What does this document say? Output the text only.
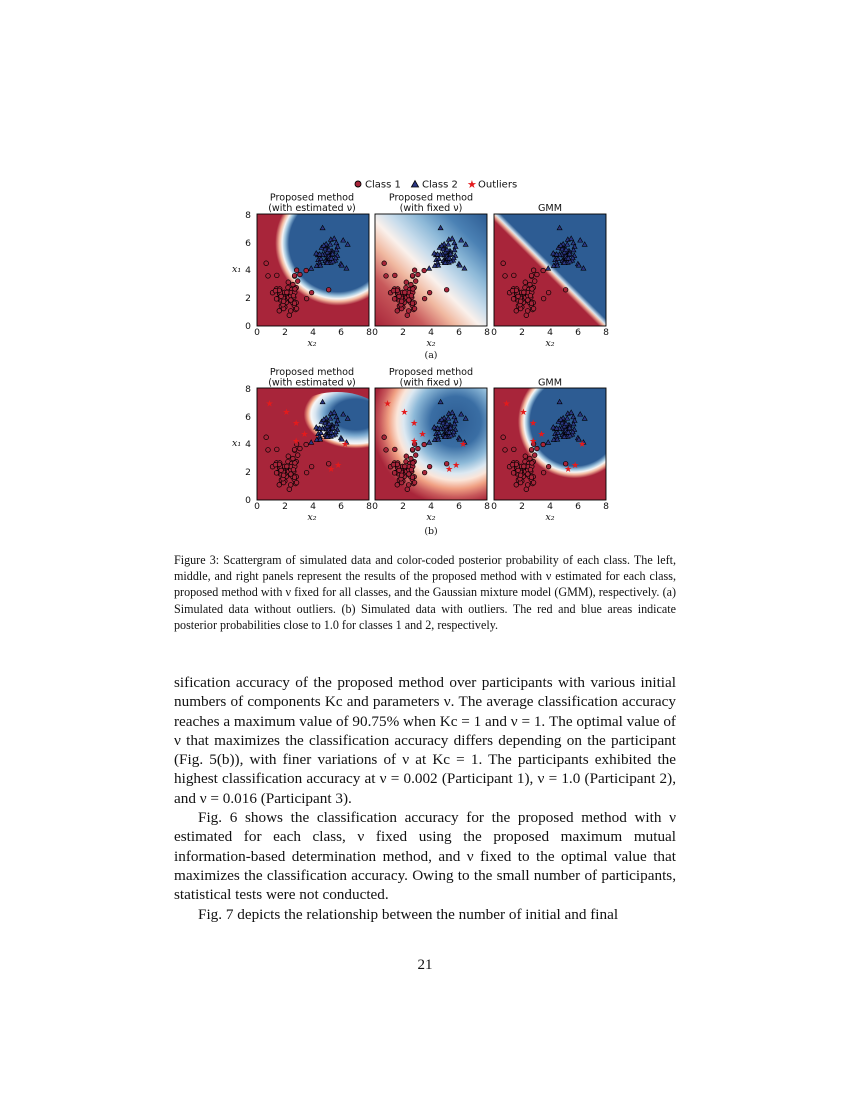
Class 1 Class 2 ★ Outliers
Proposed method
(with estimated ν)
Proposed method
(with fixed ν)	GMM
8
6
x₁ 4
2
0
0 2 4 6 8 0 2 4 6 8 0 2 4 6 8
x₂	x₂	x₂
(a)
Proposed method
(with estimated ν)
Proposed method
(with fixed ν)	GMM
★
★
★
★
★	★
★
★
★
★
★
★
★	★
★
★
★
★
★
★
★	★
★
★
8
6
x₁ 4
2
0
0 2 4 6 8 0 2 4 6 8 0 2 4 6 8
x₂	x₂	x₂
(b)

Figure 3: Scattergram of simulated data and color-coded posterior probability of each class. The left, middle, and right panels represent the results of the proposed method with ν estimated for each class, proposed method with ν fixed for all classes, and the Gaussian mixture model (GMM), respectively. (a) Simulated data without outliers. (b) Simulated data with outliers. The red and blue areas indicate posterior probabilities close to 1.0 for classes 1 and 2, respectively.

sification accuracy of the proposed method over participants with various initial numbers of components Kc and parameters ν. The average classification accuracy reaches a maximum value of 90.75% when Kc = 1 and ν = 1. The optimal value of ν that maximizes the classification accuracy differs depending on the participant (Fig. 5(b)), with finer variations of ν at Kc = 1. The participants exhibited the highest classification accuracy at ν = 0.002 (Participant 1), ν = 1.0 (Participant 2), and ν = 0.016 (Participant 3).

Fig. 6 shows the classification accuracy for the proposed method with ν estimated for each class, ν fixed using the proposed maximum mutual information-based determination method, and ν fixed to the optimal value that maximizes the classification accuracy. Owing to the small number of participants, statistical tests were not conducted.

Fig. 7 depicts the relationship between the number of initial and final

21
